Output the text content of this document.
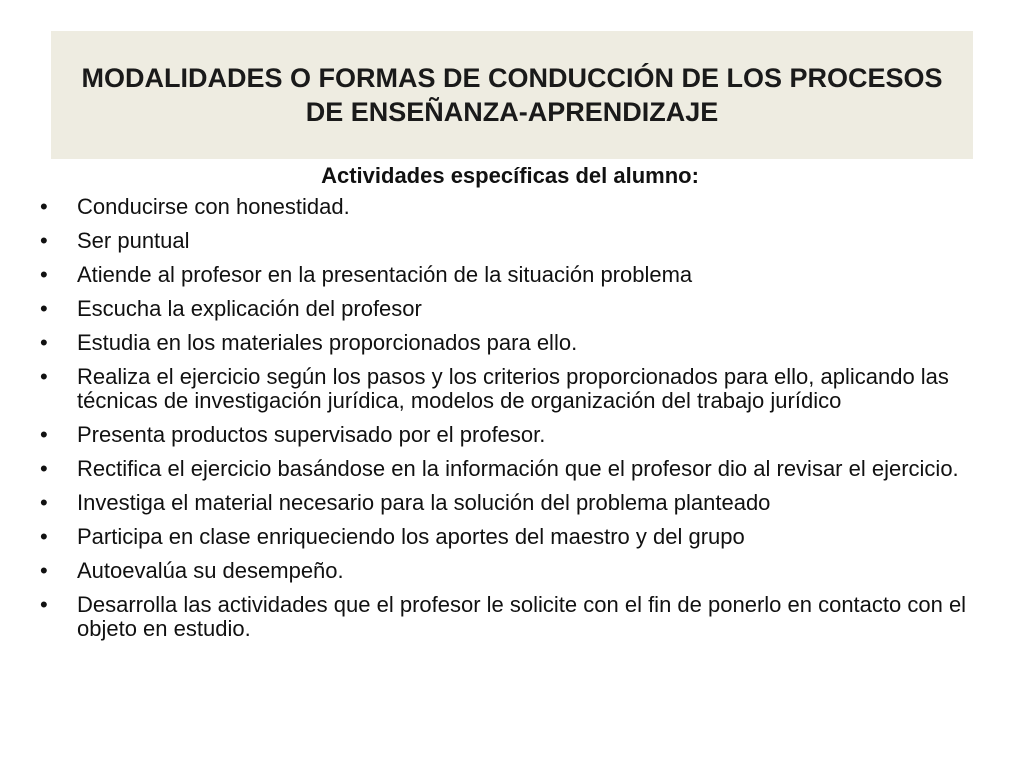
MODALIDADES O FORMAS DE CONDUCCIÓN DE LOS PROCESOS
DE ENSEÑANZA-APRENDIZAJE

Actividades específicas del alumno:

• Conducirse con honestidad.
• Ser puntual
• Atiende al profesor en la presentación de la situación problema
• Escucha la explicación del profesor
• Estudia en los materiales proporcionados para ello.
• Realiza el ejercicio según los pasos y los criterios proporcionados para ello, aplicando las técnicas de investigación jurídica, modelos de organización del trabajo jurídico
• Presenta productos supervisado por el profesor.
• Rectifica el ejercicio basándose en la información que el profesor dio al revisar el ejercicio.
• Investiga el material necesario para la solución del problema planteado
• Participa en clase enriqueciendo los aportes del maestro y del grupo
• Autoevalúa su desempeño.
• Desarrolla las actividades que el profesor le solicite con el fin de ponerlo en contacto con el objeto en estudio.
